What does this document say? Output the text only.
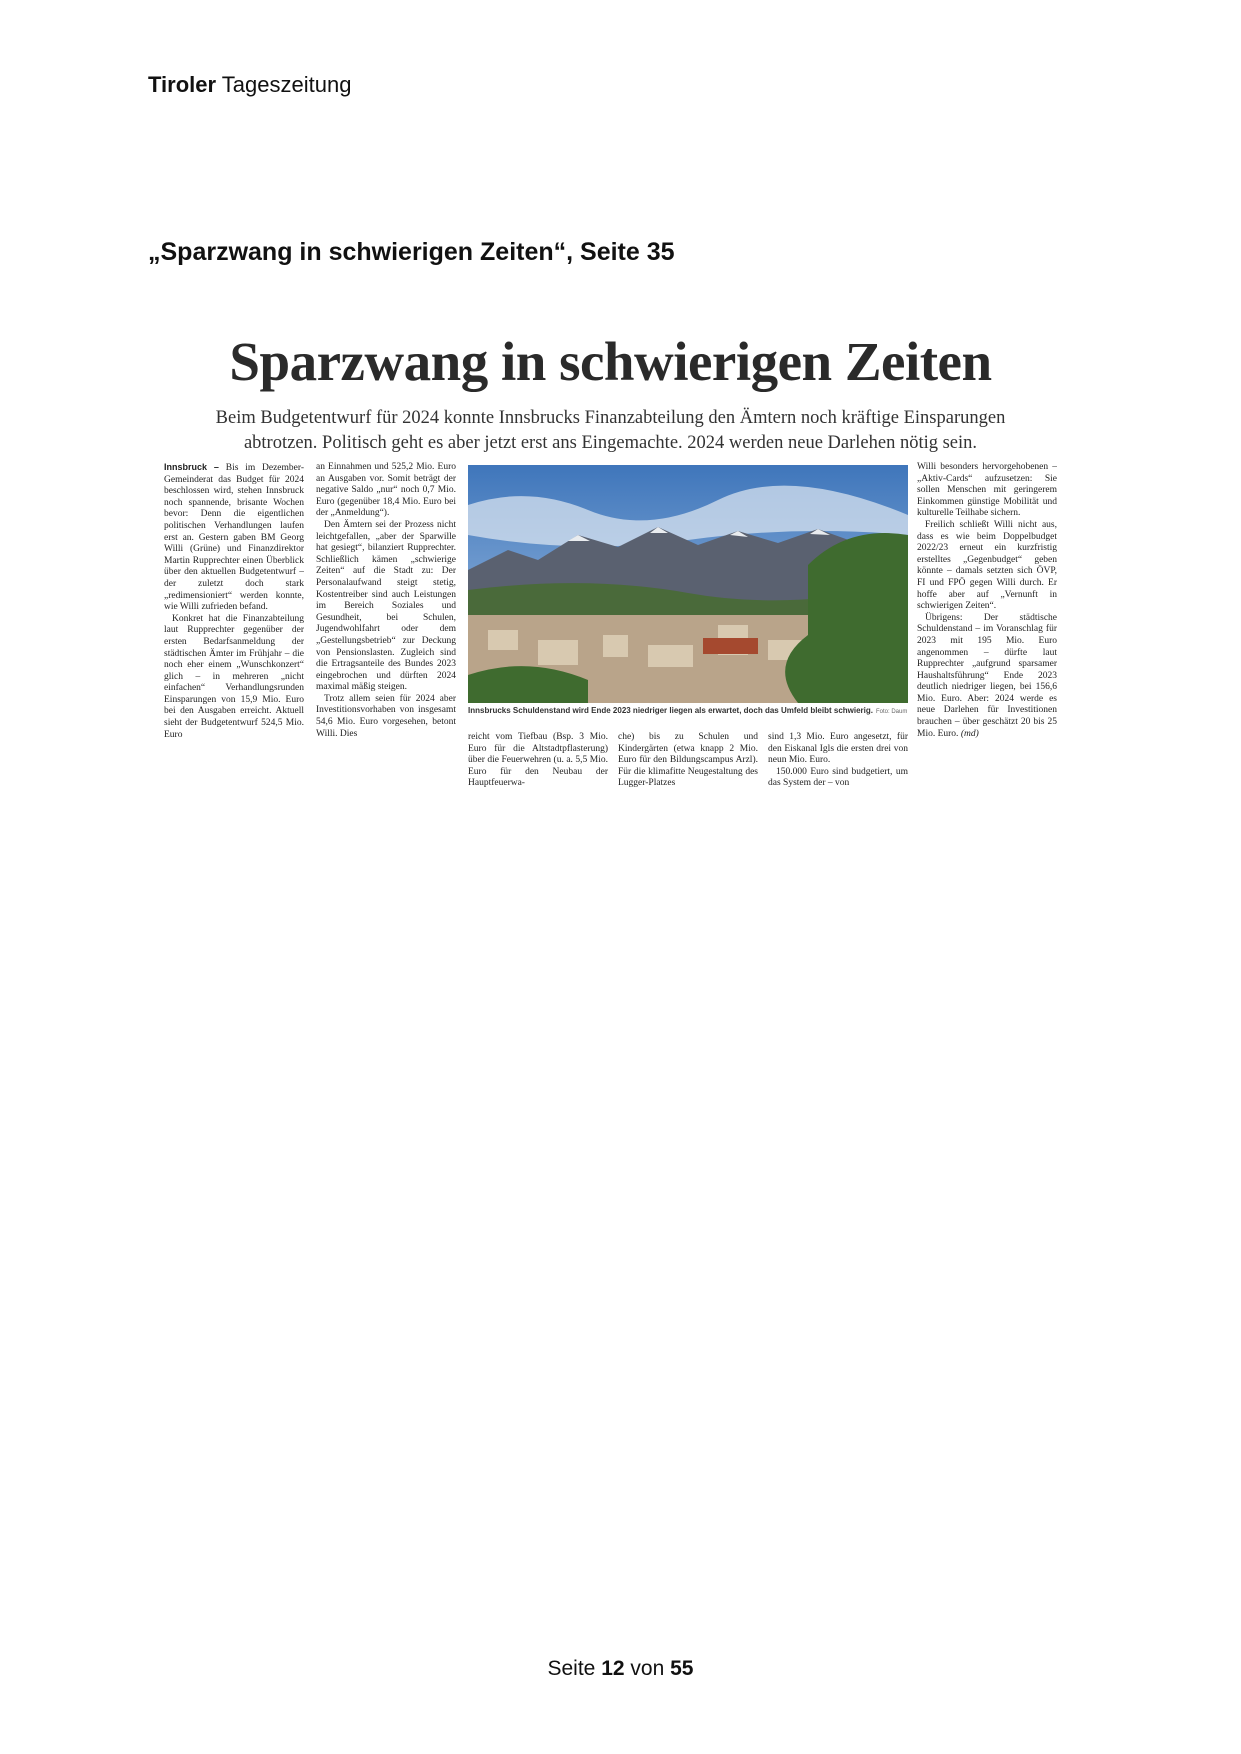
Tiroler Tageszeitung
„Sparzwang in schwierigen Zeiten“, Seite 35
Sparzwang in schwierigen Zeiten
Beim Budgetentwurf für 2024 konnte Innsbrucks Finanzabteilung den Ämtern noch kräftige Einsparungen
abtrotzen. Politisch geht es aber jetzt erst ans Eingemachte. 2024 werden neue Darlehen nötig sein.

Innsbruck – Bis im Dezember-Gemeinderat das Budget für 2024 beschlossen wird, stehen Innsbruck noch spannende, brisante Wochen bevor: Denn die eigentlichen politischen Verhandlungen laufen erst an. Gestern gaben BM Georg Willi (Grüne) und Finanzdirektor Martin Rupprechter einen Überblick über den aktuellen Budgetentwurf – der zuletzt doch stark „redimensioniert“ werden konnte, wie Willi zufrieden befand.

Konkret hat die Finanzabteilung laut Rupprechter gegenüber der ersten Bedarfsanmeldung der städtischen Ämter im Frühjahr – die noch eher einem „Wunschkonzert“ glich – in mehreren „nicht einfachen“ Verhandlungsrunden Einsparungen von 15,9 Mio. Euro bei den Ausgaben erreicht. Aktuell sieht der Budgetentwurf 524,5 Mio. Euro

an Einnahmen und 525,2 Mio. Euro an Ausgaben vor. Somit beträgt der negative Saldo „nur“ noch 0,7 Mio. Euro (gegenüber 18,4 Mio. Euro bei der „Anmeldung“).

Den Ämtern sei der Prozess nicht leichtgefallen, „aber der Sparwille hat gesiegt“, bilanziert Rupprechter. Schließlich kämen „schwierige Zeiten“ auf die Stadt zu: Der Personalaufwand steigt stetig, Kostentreiber sind auch Leistungen im Bereich Soziales und Gesundheit, bei Schulen, Jugendwohlfahrt oder dem „Gestellungsbetrieb“ zur Deckung von Pensionslasten. Zugleich sind die Ertragsanteile des Bundes 2023 eingebrochen und dürften 2024 maximal mäßig steigen.

Trotz allem seien für 2024 aber Investitionsvorhaben von insgesamt 54,6 Mio. Euro vorgesehen, betont Willi. Dies

Innsbrucks Schuldenstand wird Ende 2023 niedriger liegen als erwartet, doch das Umfeld bleibt schwierig. Foto: Daum

reicht vom Tiefbau (Bsp. 3 Mio. Euro für die Altstadtpflasterung) über die Feuerwehren (u. a. 5,5 Mio. Euro für den Neubau der Hauptfeuerwa-

che) bis zu Schulen und Kindergärten (etwa knapp 2 Mio. Euro für den Bildungscampus Arzl). Für die klimafitte Neugestaltung des Lugger-Platzes

sind 1,3 Mio. Euro angesetzt, für den Eiskanal Igls die ersten drei von neun Mio. Euro.

150.000 Euro sind budgetiert, um das System der – von

Willi besonders hervorgehobenen – „Aktiv-Cards“ aufzusetzen: Sie sollen Menschen mit geringerem Einkommen günstige Mobilität und kulturelle Teilhabe sichern.

Freilich schließt Willi nicht aus, dass es wie beim Doppelbudget 2022/23 erneut ein kurzfristig erstelltes „Gegenbudget“ geben könnte – damals setzten sich ÖVP, FI und FPÖ gegen Willi durch. Er hoffe aber auf „Vernunft in schwierigen Zeiten“.

Übrigens: Der städtische Schuldenstand – im Voranschlag für 2023 mit 195 Mio. Euro angenommen – dürfte laut Rupprechter „aufgrund sparsamer Haushaltsführung“ Ende 2023 deutlich niedriger liegen, bei 156,6 Mio. Euro. Aber: 2024 werde es neue Darlehen für Investitionen brauchen – über geschätzt 20 bis 25 Mio. Euro. (md)

Seite 12 von 55
